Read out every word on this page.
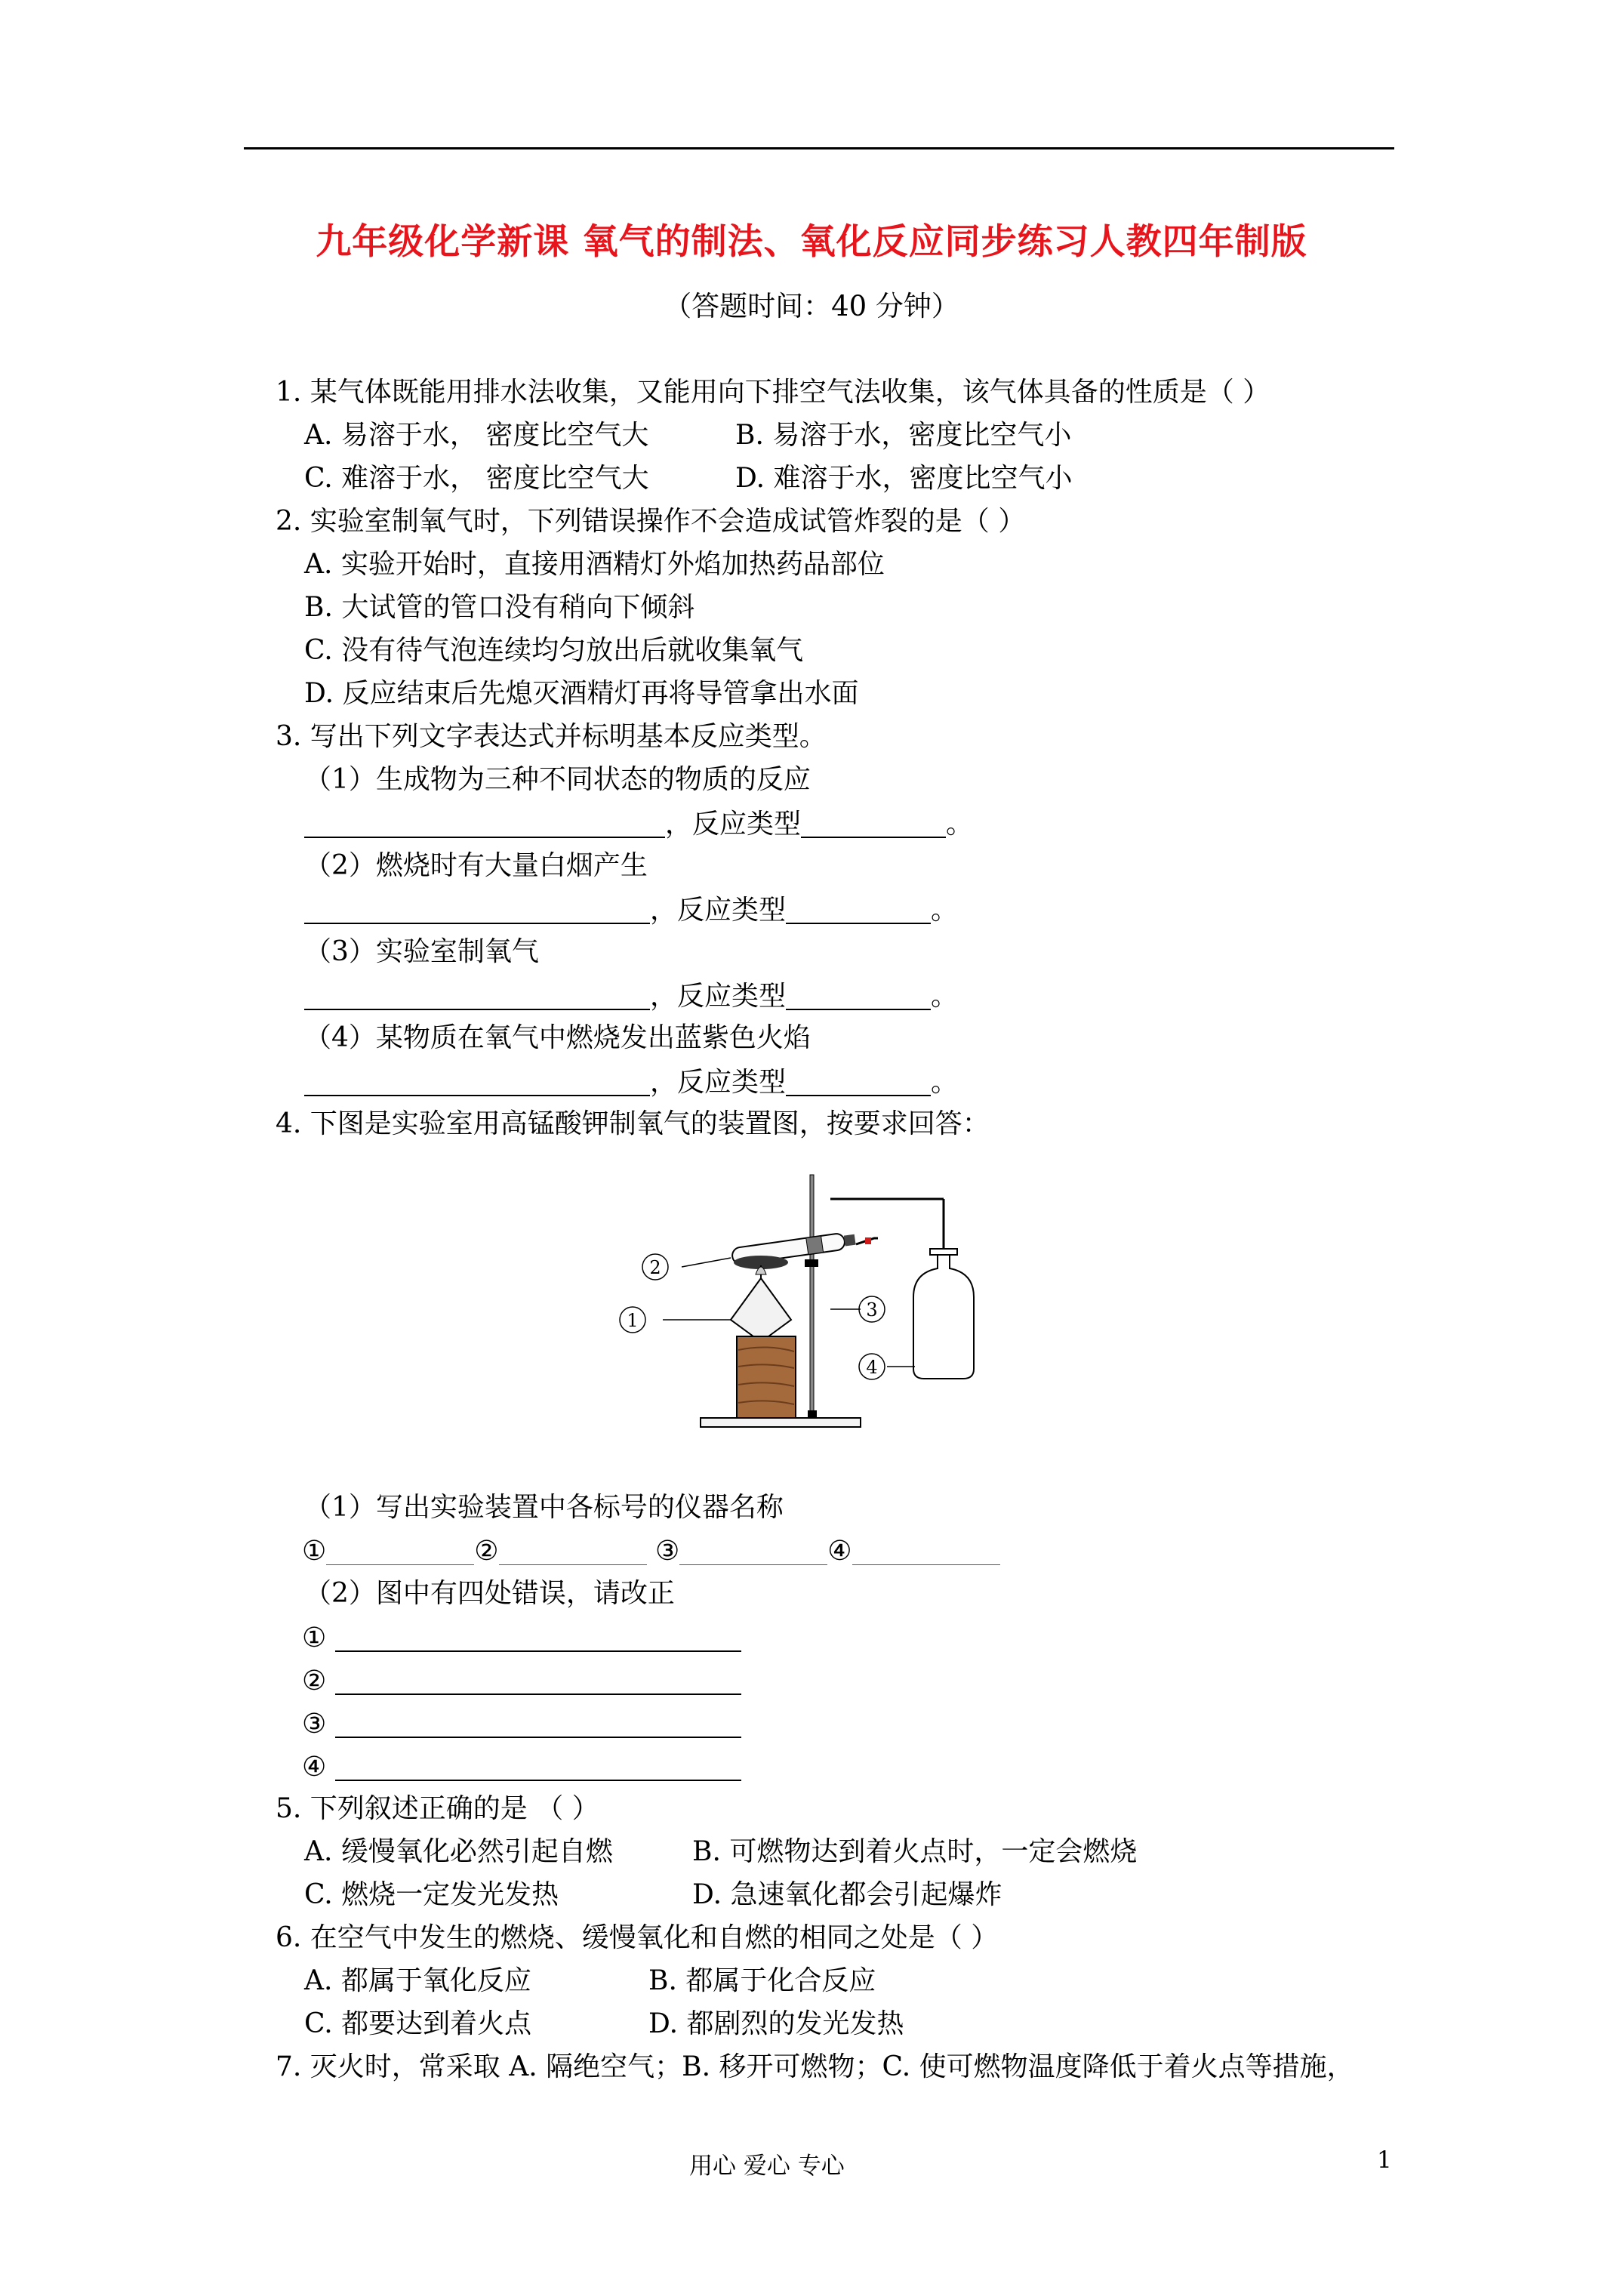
九年级化学新课 氧气的制法、氧化反应同步练习人教四年制版
（答题时间：40 分钟）
1. 某气体既能用排水法收集，又能用向下排空气法收集，该气体具备的性质是（ ）
A. 易溶于水， 密度比空气大	B. 易溶于水，密度比空气小
C. 难溶于水， 密度比空气大	D. 难溶于水，密度比空气小
2. 实验室制氧气时，下列错误操作不会造成试管炸裂的是（ ）
A. 实验开始时，直接用酒精灯外焰加热药品部位
B. 大试管的管口没有稍向下倾斜
C. 没有待气泡连续均匀放出后就收集氧气
D. 反应结束后先熄灭酒精灯再将导管拿出水面
3. 写出下列文字表达式并标明基本反应类型。
（1）生成物为三种不同状态的物质的反应
，反应类型	。
（2）燃烧时有大量白烟产生
，反应类型	。
（3）实验室制氧气
，反应类型	。
（4）某物质在氧气中燃烧发出蓝紫色火焰
，反应类型	。
4. 下图是实验室用高锰酸钾制氧气的装置图，按要求回答：
2
1	3
4
（1）写出实验装置中各标号的仪器名称
①	②	③	④
（2）图中有四处错误，请改正
①
②
③
④
5. 下列叙述正确的是 （ ）
A. 缓慢氧化必然引起自燃	B. 可燃物达到着火点时，一定会燃烧
C. 燃烧一定发光发热	D. 急速氧化都会引起爆炸
6. 在空气中发生的燃烧、缓慢氧化和自燃的相同之处是（ ）
A. 都属于氧化反应	B. 都属于化合反应
C. 都要达到着火点	D. 都剧烈的发光发热
7. 灭火时，常采取 A. 隔绝空气；B. 移开可燃物；C. 使可燃物温度降低于着火点等措施，
用心 爱心 专心	1
